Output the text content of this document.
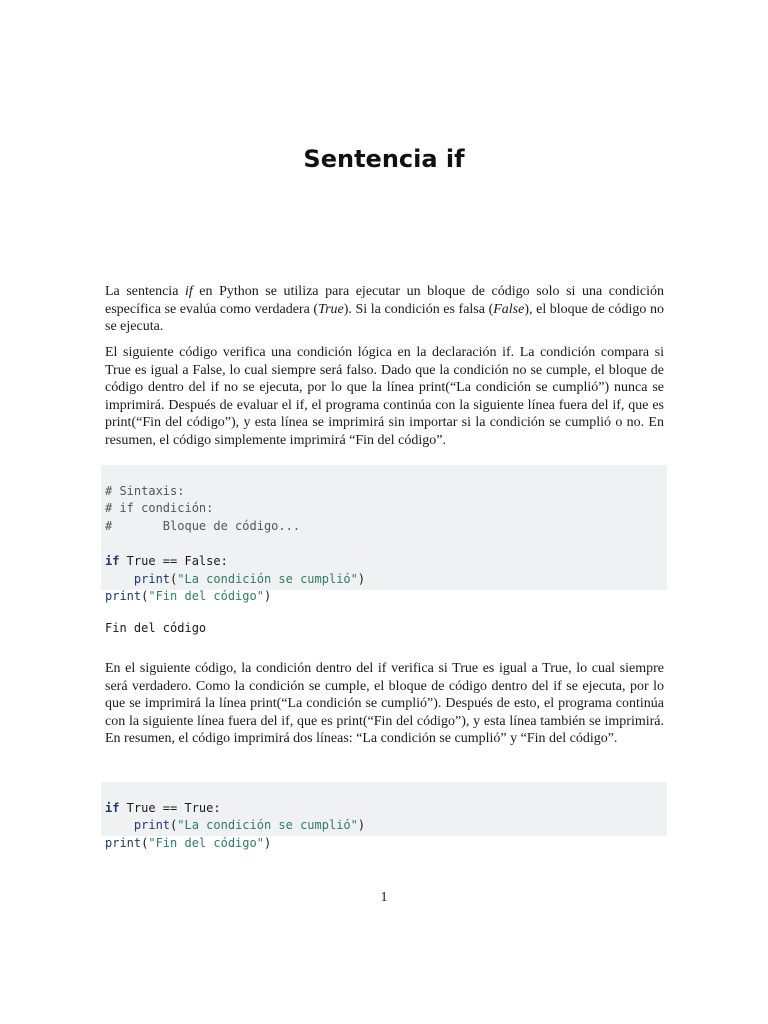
Sentencia if

La sentencia if en Python se utiliza para ejecutar un bloque de código solo si una condición específica se evalúa como verdadera (True). Si la condición es falsa (False), el bloque de código no se ejecuta.

El siguiente código verifica una condición lógica en la declaración if. La condición compara si True es igual a False, lo cual siempre será falso. Dado que la condición no se cumple, el bloque de código dentro del if no se ejecuta, por lo que la línea print(“La condición se cumplió”) nunca se imprimirá. Después de evaluar el if, el programa continúa con la siguiente línea fuera del if, que es print(“Fin del código”), y esta línea se imprimirá sin importar si la condición se cumplió o no. En resumen, el código simplemente imprimirá “Fin del código”.

# Sintaxis:
# if condición:
#       Bloque de código...
if True == False:
print("La condición se cumplió")
print("Fin del código")

Fin del código

En el siguiente código, la condición dentro del if verifica si True es igual a True, lo cual siempre será verdadero. Como la condición se cumple, el bloque de código dentro del if se ejecuta, por lo que se imprimirá la línea print(“La condición se cumplió”). Después de esto, el programa continúa con la siguiente línea fuera del if, que es print(“Fin del código”), y esta línea también se imprimirá. En resumen, el código imprimirá dos líneas: “La condición se cumplió” y “Fin del código”.

if True == True:
print("La condición se cumplió")
print("Fin del código")

1
